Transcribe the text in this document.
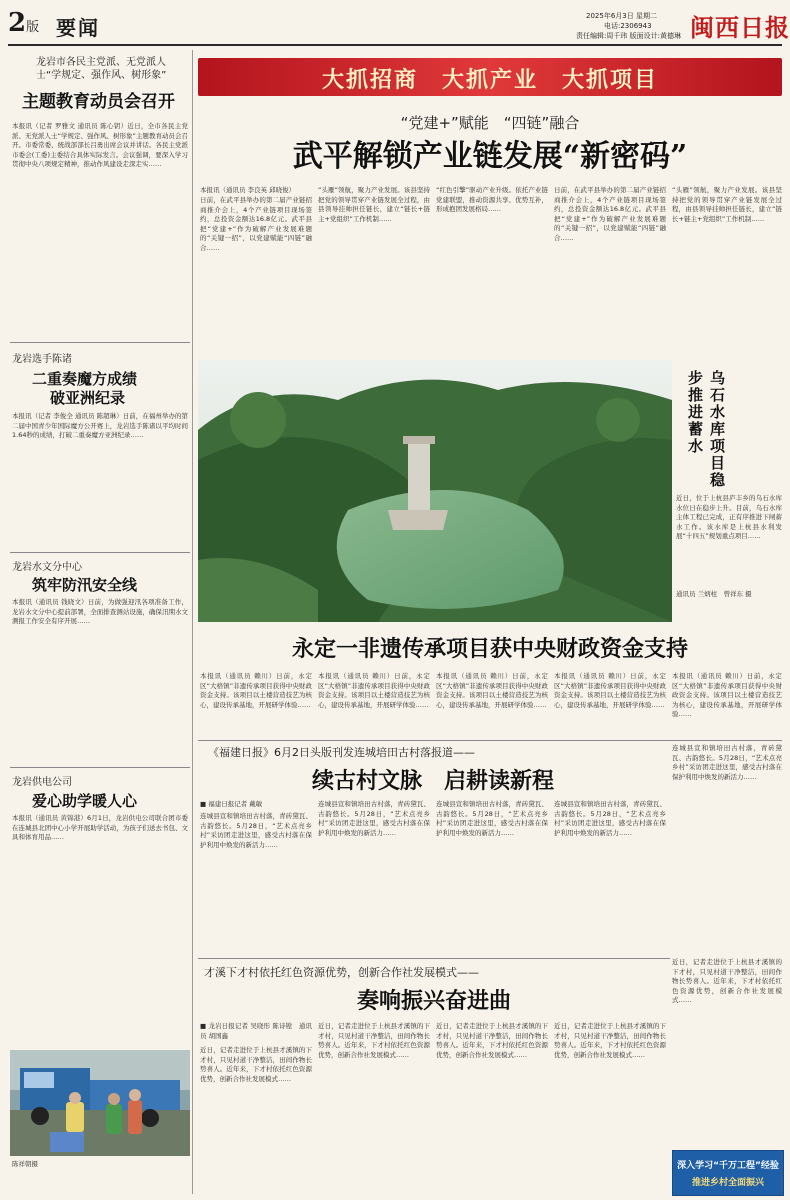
2版 要闻	2025年6月3日 星期二
电话:2306943
责任编辑:周千玮 版面设计:黄德琳 闽西日报
龙岩市各民主党派、无党派人士“学规定、强作风、树形象”
主题教育动员会召开
本报讯（记者 罗雅文 通讯员 陈心钥）近日，全市各民主党派、无党派人士“学规定、强作风、树形象”主题教育动员会召开。市委常委、统战部部长吕勇出席会议并讲话。各民主党派市委会(工委)主委结合具体实际发言。会议强调，要深入学习贯彻中央八项规定精神，推动作风建设走深走实……
龙岩选手陈诸
二重奏魔方成绩
破亚洲纪录
本报讯（记者 李俊全 通讯员 陈超琳）日前，在福州举办的第二届中国青少年国际魔方公开赛上，龙岩选手陈诸以平均时间1.64秒的成绩，打破二重奏魔方亚洲纪录……
龙岩水文分中心
筑牢防汛安全线
本报讯（通讯员 钱晓文）日前，为做强迎汛各项准备工作，龙岩水文分中心提前部署，全面排查测站设施，确保汛期水文测报工作安全有序开展……
龙岩供电公司
爱心助学暖人心
本报讯（通讯员 黄锦港）6月1日，龙岩供电公司联合团市委在连城县北团中心小学开展助学活动，为孩子们送去书包、文具和体育用品……
陈祥朝摄
大抓招商　大抓产业　大抓项目
“党建+”赋能　“四链”融合
武平解锁产业链发展“新密码”
本报讯（通讯员 李良英 邱晓俊）
日前，在武平县举办的第二届产业链招商推介会上，4个产业链项目现场签约，总投资金额达16.8亿元。武平县把“党建+”作为破解产业发展难题的“关键一招”，以党建赋能“四链”融合……
“头雁”领航，聚力产业发展。该县坚持把党的领导贯穿产业链发展全过程，由县领导挂帅担任链长，建立“链长+链主+党组织”工作机制……
“红色引擎”驱动产业升级。依托产业链党建联盟，推动资源共享、优势互补，形成抱团发展格局……
日前，在武平县举办的第二届产业链招商推介会上，4个产业链项目现场签约，总投资金额达16.8亿元。武平县把“党建+”作为破解产业发展难题的“关键一招”，以党建赋能“四链”融合……
“头雁”领航，聚力产业发展。该县坚持把党的领导贯穿产业链发展全过程，由县领导挂帅担任链长，建立“链长+链主+党组织”工作机制……
乌石水库项目稳步推进蓄水
近日，位于上杭县庐丰乡的乌石水库水位日在稳步上升。目前，乌石水库主体工程已完成，正有序推进下闸蓄水工作。该水库是上杭县水利发展“十四五”规划重点项目……
通讯员 兰炳柱　曾祥东 摄
永定一非遗传承项目获中央财政资金支持
本报讯（通讯员 赖川）日前，永定区“大格镇”非遗传承项目获得中央财政资金支持。该项目以土楼营造技艺为核心，建设传承基地，开展研学体验……
本报讯（通讯员 赖川）日前，永定区“大格镇”非遗传承项目获得中央财政资金支持。该项目以土楼营造技艺为核心，建设传承基地，开展研学体验……
本报讯（通讯员 赖川）日前，永定区“大格镇”非遗传承项目获得中央财政资金支持。该项目以土楼营造技艺为核心，建设传承基地，开展研学体验……
本报讯（通讯员 赖川）日前，永定区“大格镇”非遗传承项目获得中央财政资金支持。该项目以土楼营造技艺为核心，建设传承基地，开展研学体验……
本报讯（通讯员 赖川）日前，永定区“大格镇”非遗传承项目获得中央财政资金支持。该项目以土楼营造技艺为核心，建设传承基地，开展研学体验……
《福建日报》6月2日头版刊发连城培田古村落报道——
续古村文脉　启耕读新程
■ 福建日报记者 戴敏
连城县宣和镇培田古村落，青砖黛瓦、古韵悠长。5月28日，“艺术点亮乡村”采访团走进这里，感受古村落在保护利用中焕发的新活力……
连城县宣和镇培田古村落，青砖黛瓦、古韵悠长。5月28日，“艺术点亮乡村”采访团走进这里，感受古村落在保护利用中焕发的新活力……
连城县宣和镇培田古村落，青砖黛瓦、古韵悠长。5月28日，“艺术点亮乡村”采访团走进这里，感受古村落在保护利用中焕发的新活力……
连城县宣和镇培田古村落，青砖黛瓦、古韵悠长。5月28日，“艺术点亮乡村”采访团走进这里，感受古村落在保护利用中焕发的新活力……
连城县宣和镇培田古村落，青砖黛瓦、古韵悠长。5月28日，“艺术点亮乡村”采访团走进这里，感受古村落在保护利用中焕发的新活力……
才溪下才村依托红色资源优势，创新合作社发展模式——
奏响振兴奋进曲
■ 龙岩日报记者 吴晓彤 陈诗镗　通讯员 胡国鑫
近日，记者走进位于上杭县才溪镇的下才村，只见村道干净整洁，田间作物长势喜人。近年来，下才村依托红色资源优势，创新合作社发展模式……
近日，记者走进位于上杭县才溪镇的下才村，只见村道干净整洁，田间作物长势喜人。近年来，下才村依托红色资源优势，创新合作社发展模式……
近日，记者走进位于上杭县才溪镇的下才村，只见村道干净整洁，田间作物长势喜人。近年来，下才村依托红色资源优势，创新合作社发展模式……
近日，记者走进位于上杭县才溪镇的下才村，只见村道干净整洁，田间作物长势喜人。近年来，下才村依托红色资源优势，创新合作社发展模式……
近日，记者走进位于上杭县才溪镇的下才村，只见村道干净整洁，田间作物长势喜人。近年来，下才村依托红色资源优势，创新合作社发展模式……
深入学习“千万工程”经验
推进乡村全面振兴
